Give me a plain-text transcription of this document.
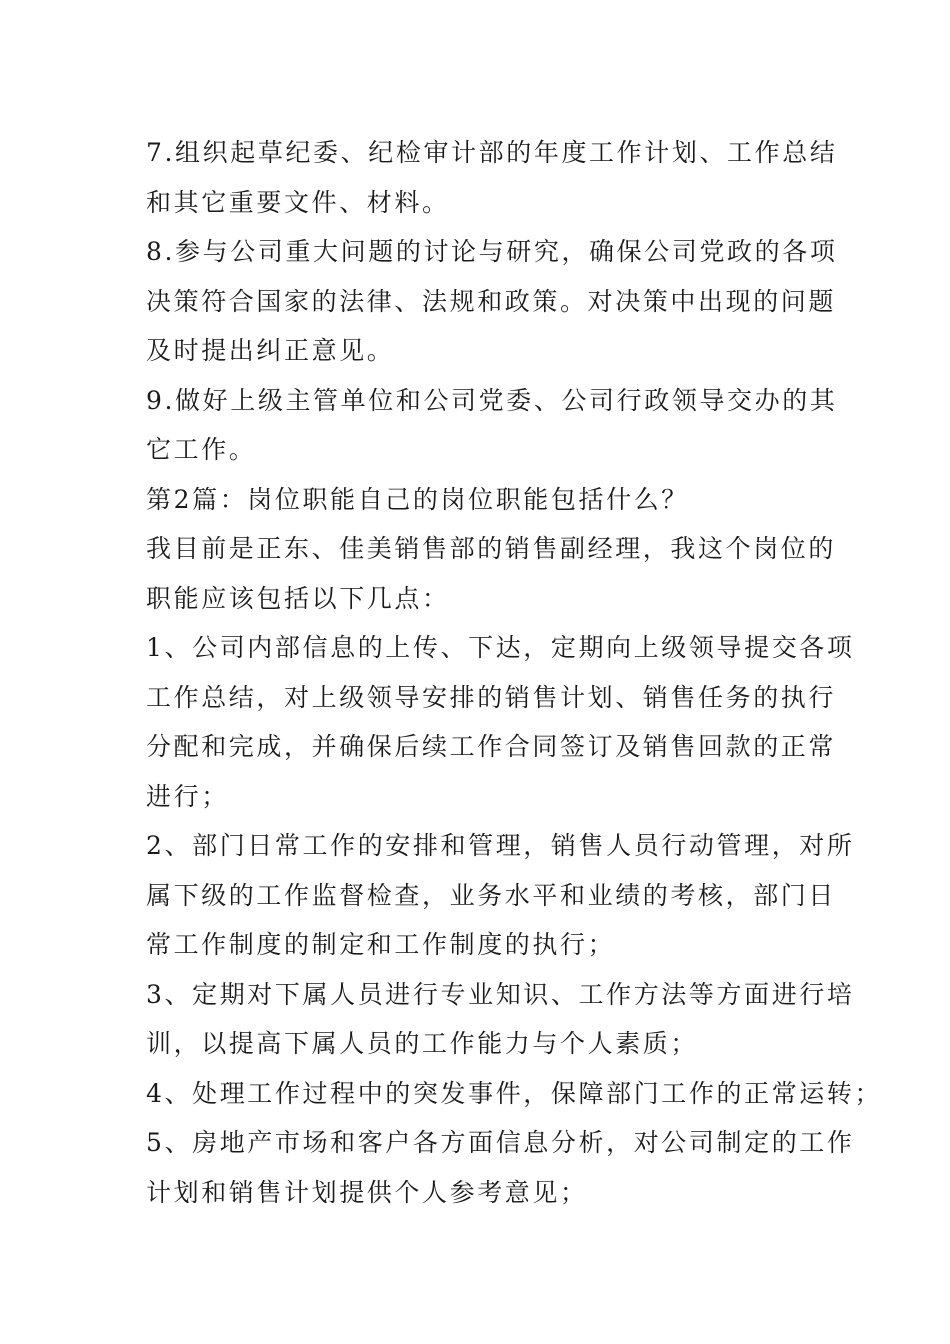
7.组织起草纪委、纪检审计部的年度工作计划、工作总结
和其它重要文件、材料。
8.参与公司重大问题的讨论与研究，确保公司党政的各项
决策符合国家的法律、法规和政策。对决策中出现的问题
及时提出纠正意见。
9.做好上级主管单位和公司党委、公司行政领导交办的其
它工作。
第2篇：岗位职能自己的岗位职能包括什么？
我目前是正东、佳美销售部的销售副经理，我这个岗位的
职能应该包括以下几点：
1、公司内部信息的上传、下达，定期向上级领导提交各项
工作总结，对上级领导安排的销售计划、销售任务的执行
分配和完成，并确保后续工作合同签订及销售回款的正常
进行；
2、部门日常工作的安排和管理，销售人员行动管理，对所
属下级的工作监督检查，业务水平和业绩的考核，部门日
常工作制度的制定和工作制度的执行；
3、定期对下属人员进行专业知识、工作方法等方面进行培
训，以提高下属人员的工作能力与个人素质；
4、处理工作过程中的突发事件，保障部门工作的正常运转；
5、房地产市场和客户各方面信息分析，对公司制定的工作
计划和销售计划提供个人参考意见；
